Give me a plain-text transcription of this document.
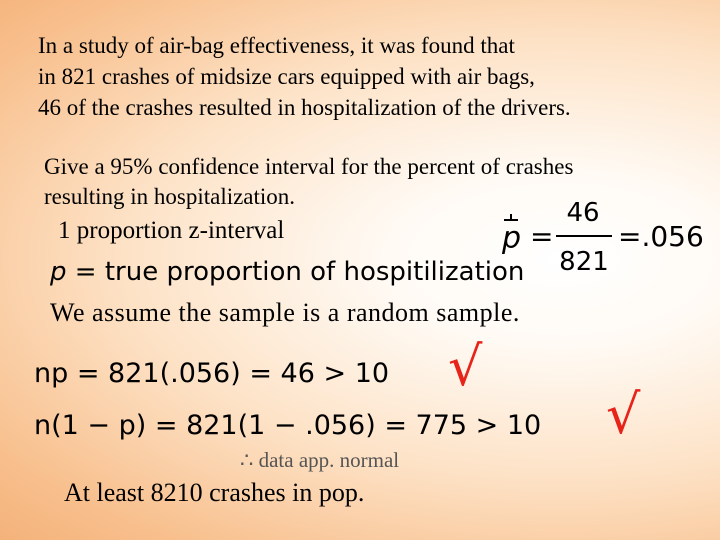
In a study of air-bag effectiveness, it was found that
in 821 crashes of midsize cars equipped with air bags,
46 of the crashes resulted in hospitalization of the drivers.
Give a 95% confidence interval for the percent of crashes
resulting in hospitalization.
1 proportion z-interval	p =
46
821
=.056
p = true proportion of hospitilization
We assume the sample is a random sample.
np = 821(.056) = 46 > 10 √
n(1 − p) = 821(1 − .056) = 775 > 10 √
∴ data app. normal
At least 8210 crashes in pop.
